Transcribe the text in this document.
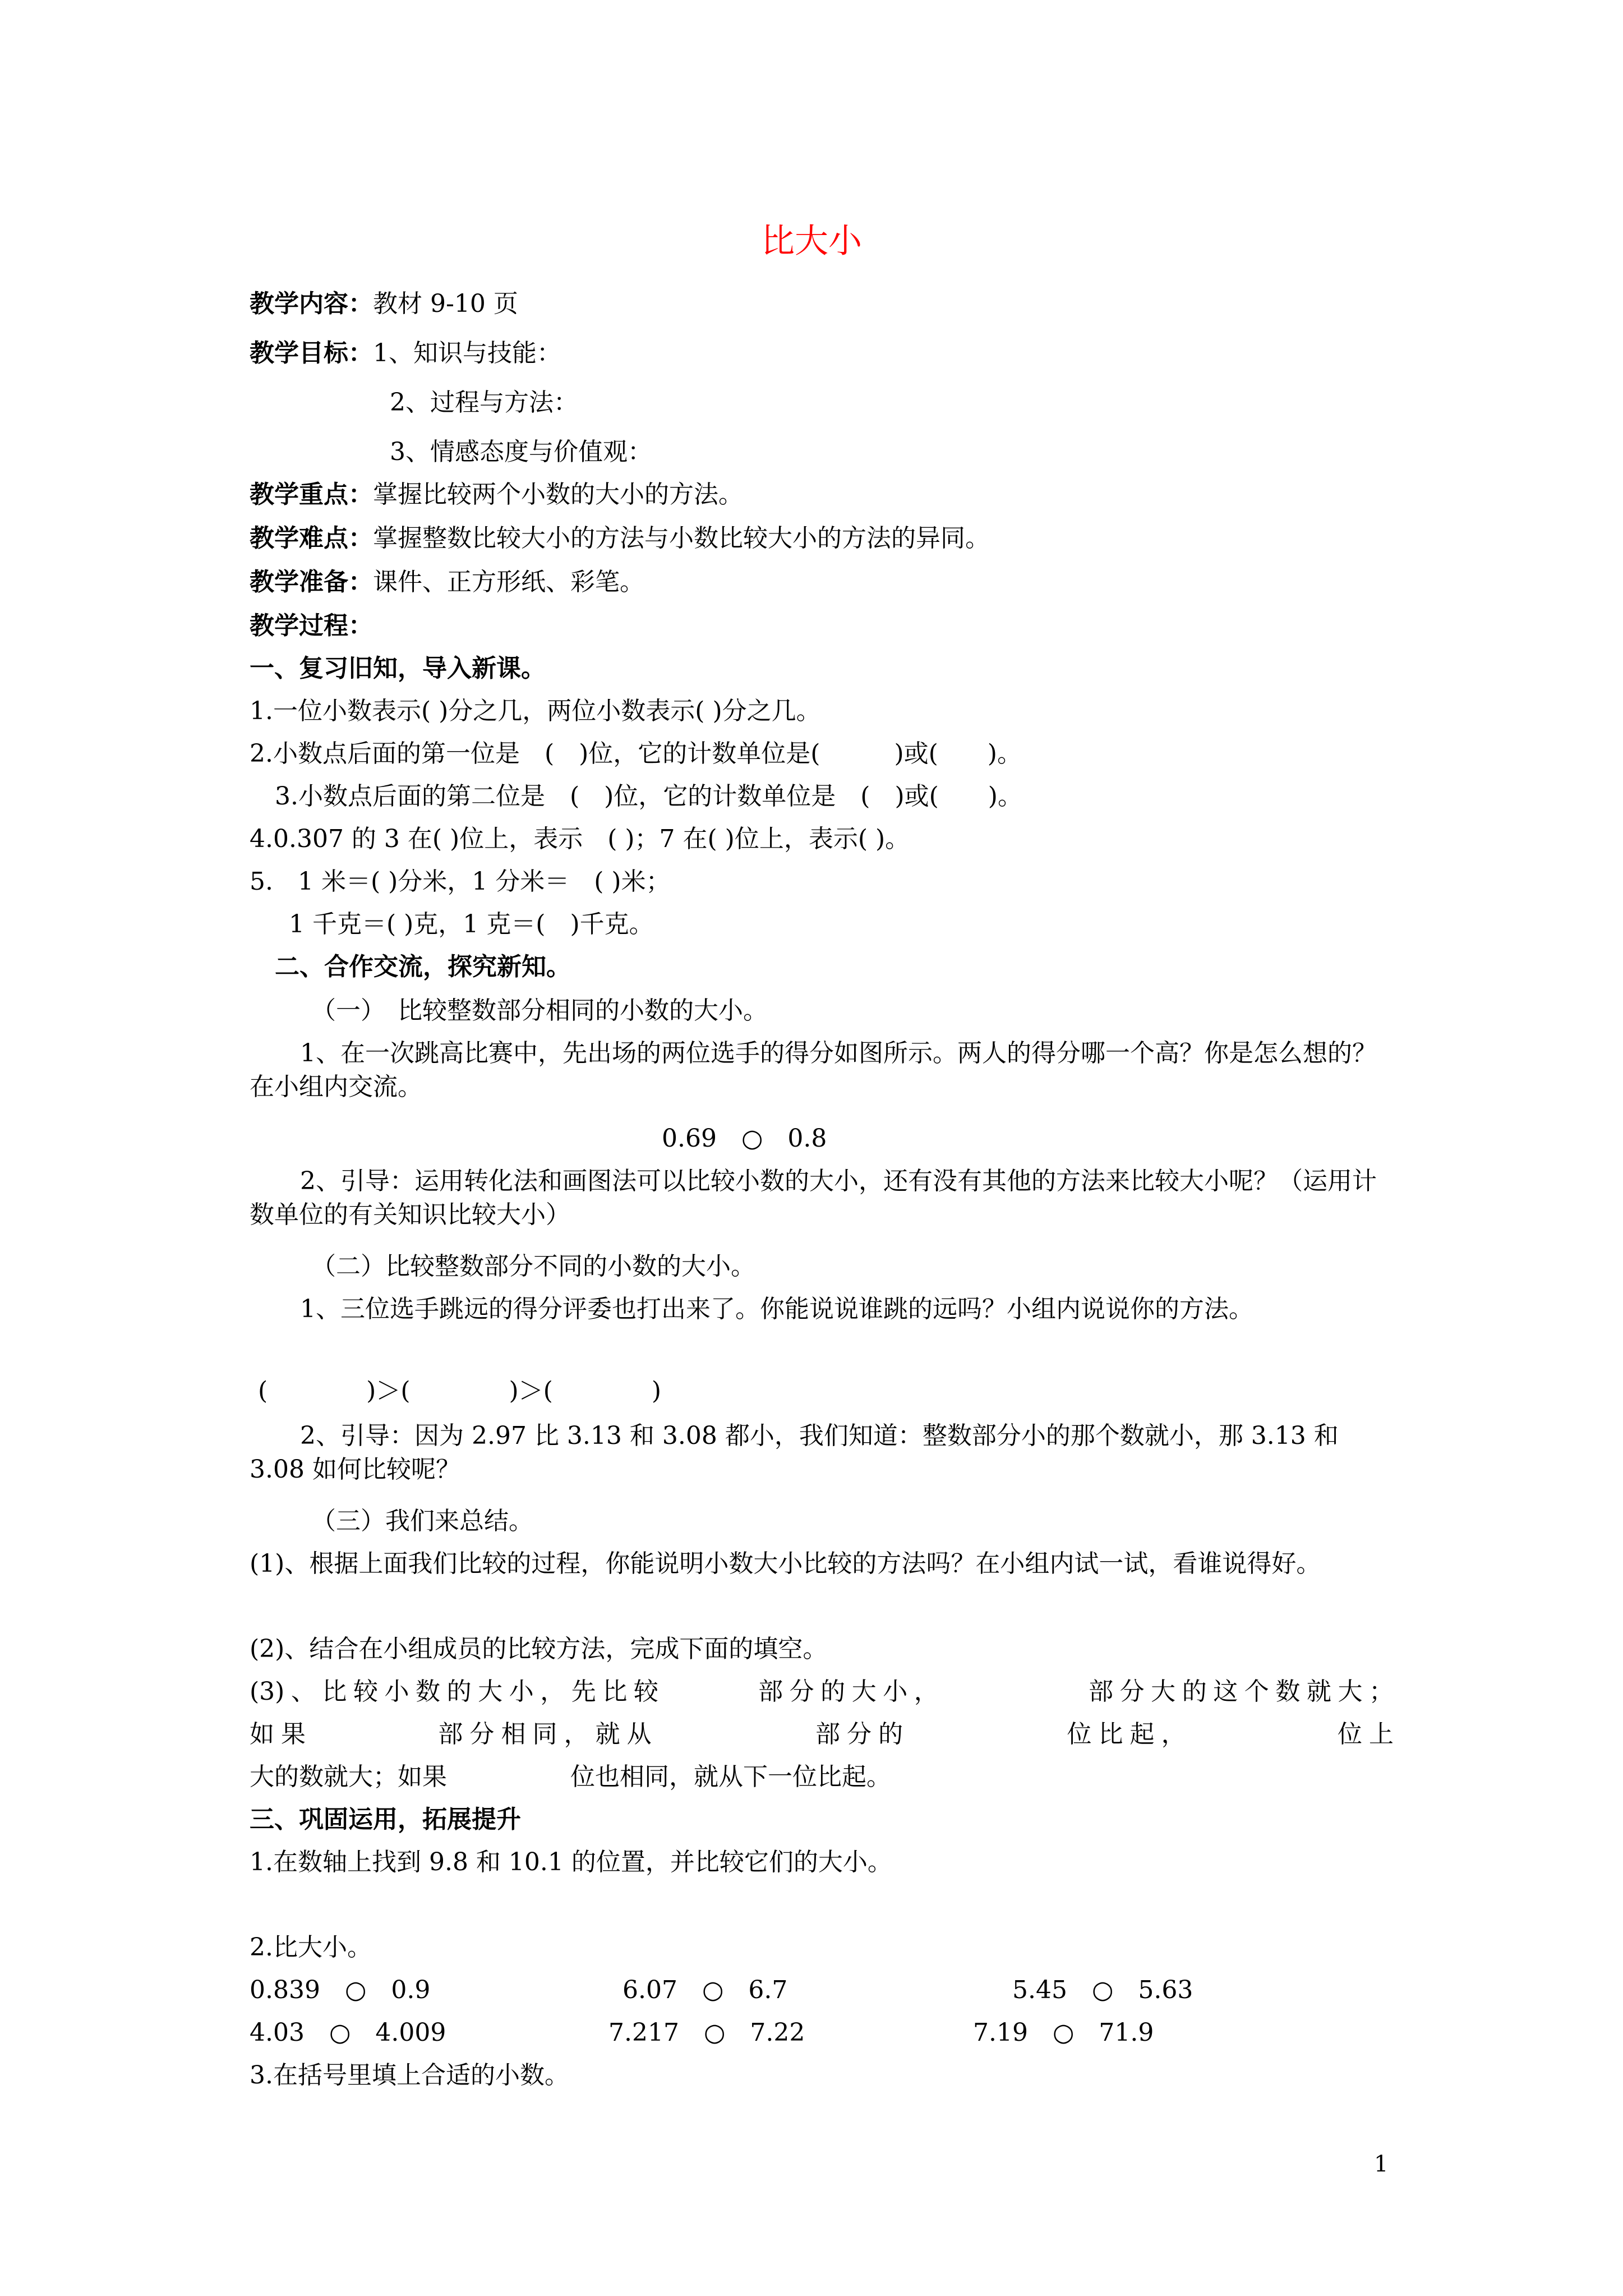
比大小
教学内容：教材 9-10 页
教学目标：1、知识与技能：
2、过程与方法：
3、情感态度与价值观：
教学重点：掌握比较两个小数的大小的方法。
教学难点：掌握整数比较大小的方法与小数比较大小的方法的异同。
教学准备：课件、正方形纸、彩笔。
教学过程：
一、复习旧知，导入新课。
1.一位小数表示( )分之几，两位小数表示( )分之几。
2.小数点后面的第一位是　(　)位，它的计数单位是(　　　)或(　　)。
3.小数点后面的第二位是　(　)位，它的计数单位是　(　)或(　　)。
4.0.307 的 3 在( )位上，表示　( )；7 在( )位上，表示( )。
5.　1 米＝( )分米，1 分米＝　( )米；
1 千克＝( )克，1 克＝(　)千克。
二、合作交流，探究新知。
（一）　比较整数部分相同的小数的大小。
1、在一次跳高比赛中，先出场的两位选手的得分如图所示。两人的得分哪一个高？你是怎么想的？在小组内交流。
0.69　○　0.8
2、引导：运用转化法和画图法可以比较小数的大小，还有没有其他的方法来比较大小呢？（运用计数单位的有关知识比较大小）
（二）比较整数部分不同的小数的大小。
1、三位选手跳远的得分评委也打出来了。你能说说谁跳的远吗？小组内说说你的方法。
(　　　　)＞(　　　　)＞(　　　　)
2、引导：因为 2.97 比 3.13 和 3.08 都小，我们知道：整数部分小的那个数就小，那 3.13 和 3.08 如何比较呢？
（三）我们来总结。
(1)、根据上面我们比较的过程，你能说明小数大小比较的方法吗？在小组内试一试，看谁说得好。
(2)、结合在小组成员的比较方法，完成下面的填空。
(3)、比较小数的大小，先比较　　　部分的大小，　　　　　部分大的这个数就大；
如果　　　　部分相同，就从　　　　　部分的　　　　　位比起，　　　　　位上
大的数就大；如果　　　　　位也相同，就从下一位比起。
三、巩固运用，拓展提升
1.在数轴上找到 9.8 和 10.1 的位置，并比较它们的大小。
2.比大小。
0.839　○　0.9	6.07　○　6.7	5.45　○　5.63
4.03　○　4.009	7.217　○　7.22	7.19　○　71.9
3.在括号里填上合适的小数。
1
